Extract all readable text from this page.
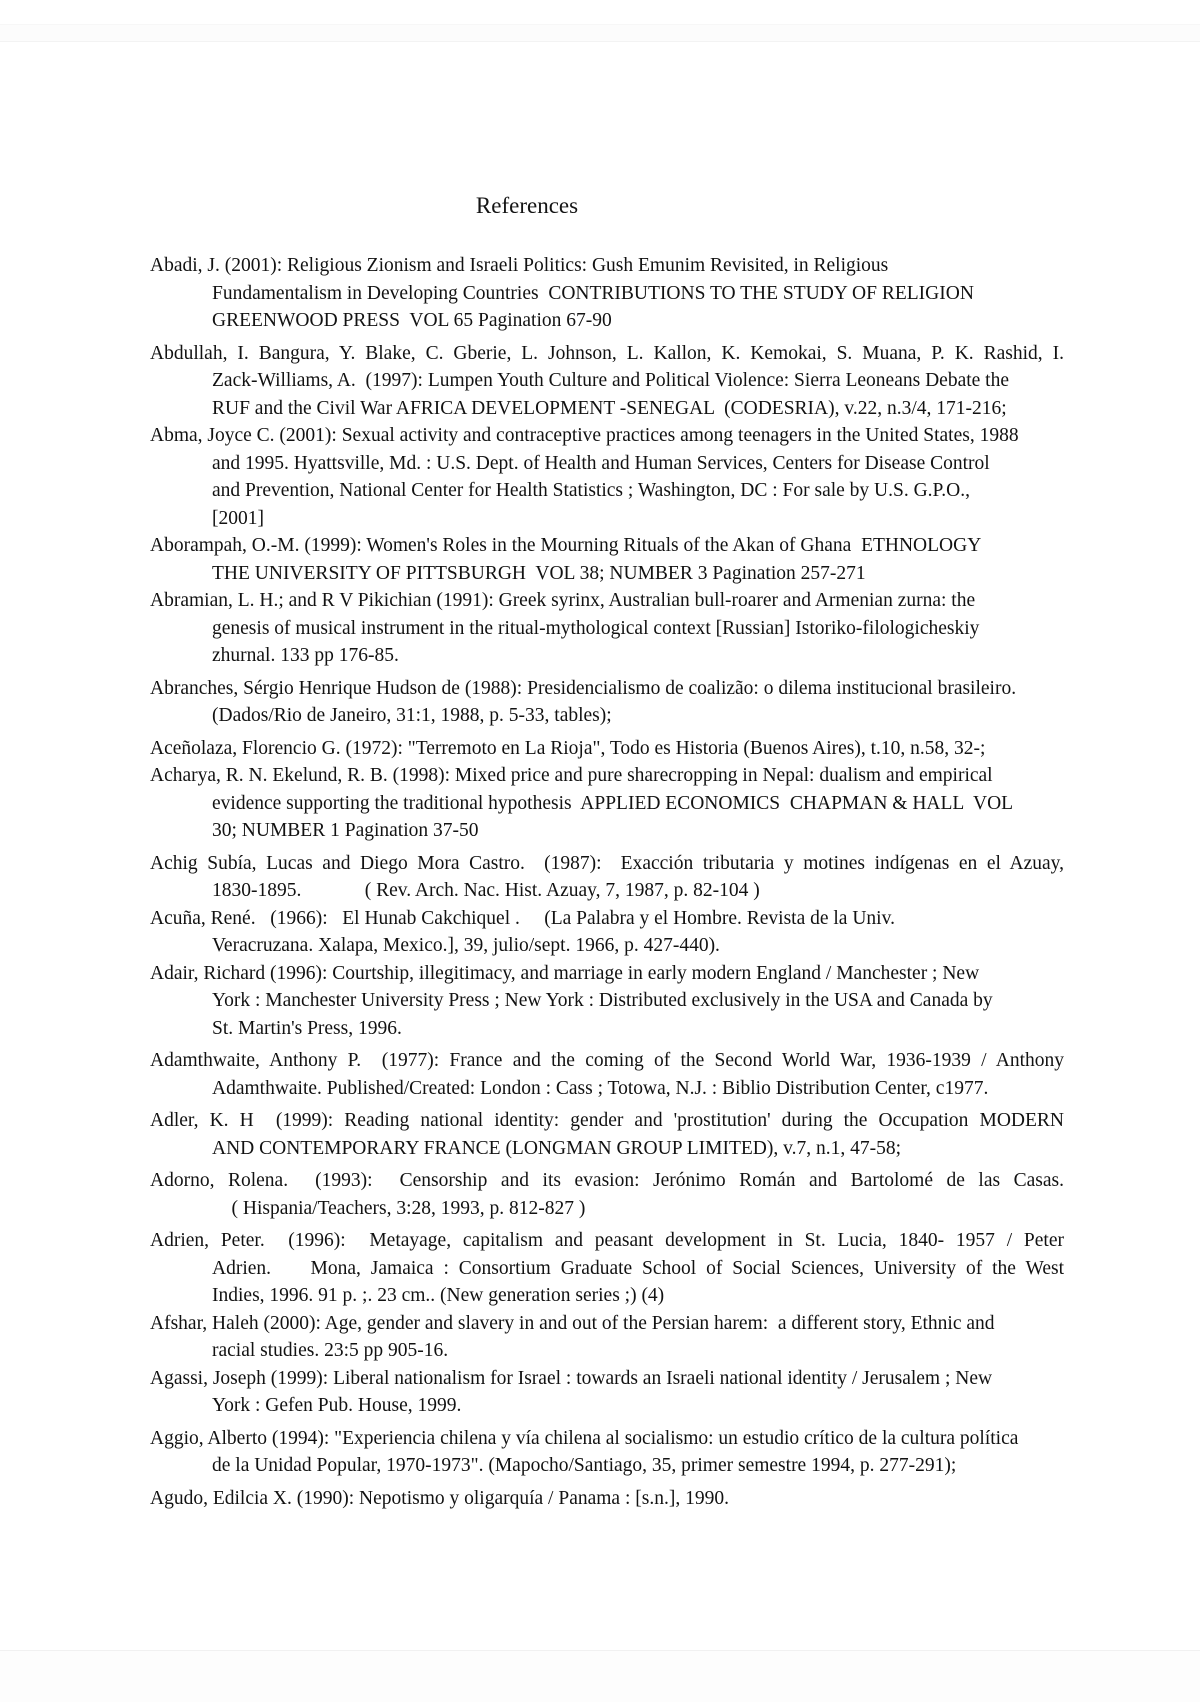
References
Abadi, J. (2001): Religious Zionism and Israeli Politics: Gush Emunim Revisited, in Religious
Fundamentalism in Developing Countries  CONTRIBUTIONS TO THE STUDY OF RELIGION
GREENWOOD PRESS  VOL 65 Pagination 67-90
Abdullah, I. Bangura, Y. Blake, C. Gberie, L. Johnson, L. Kallon, K. Kemokai, S. Muana, P. K. Rashid, I.
Zack-Williams, A.  (1997): Lumpen Youth Culture and Political Violence: Sierra Leoneans Debate the
RUF and the Civil War AFRICA DEVELOPMENT -SENEGAL  (CODESRIA), v.22, n.3/4, 171-216;
Abma, Joyce C. (2001): Sexual activity and contraceptive practices among teenagers in the United States, 1988
and 1995. Hyattsville, Md. : U.S. Dept. of Health and Human Services, Centers for Disease Control
and Prevention, National Center for Health Statistics ; Washington, DC : For sale by U.S. G.P.O.,
[2001]
Aborampah, O.-M. (1999): Women's Roles in the Mourning Rituals of the Akan of Ghana  ETHNOLOGY
THE UNIVERSITY OF PITTSBURGH  VOL 38; NUMBER 3 Pagination 257-271
Abramian, L. H.; and R V Pikichian (1991): Greek syrinx, Australian bull-roarer and Armenian zurna: the
genesis of musical instrument in the ritual-mythological context [Russian] Istoriko-filologicheskiy
zhurnal. 133 pp 176-85.
Abranches, Sérgio Henrique Hudson de (1988): Presidencialismo de coalizão: o dilema institucional brasileiro.
(Dados/Rio de Janeiro, 31:1, 1988, p. 5-33, tables);
Aceñolaza, Florencio G. (1972): "Terremoto en La Rioja", Todo es Historia (Buenos Aires), t.10, n.58, 32-;
Acharya, R. N. Ekelund, R. B. (1998): Mixed price and pure sharecropping in Nepal: dualism and empirical
evidence supporting the traditional hypothesis  APPLIED ECONOMICS  CHAPMAN & HALL  VOL
30; NUMBER 1 Pagination 37-50
Achig Subía, Lucas and Diego Mora Castro.  (1987):  Exacción tributaria y motines indígenas en el Azuay,
1830-1895.             ( Rev. Arch. Nac. Hist. Azuay, 7, 1987, p. 82-104 )
Acuña, René.   (1966):   El Hunab Cakchiquel .     (La Palabra y el Hombre. Revista de la Univ.
Veracruzana. Xalapa, Mexico.], 39, julio/sept. 1966, p. 427-440).
Adair, Richard (1996): Courtship, illegitimacy, and marriage in early modern England / Manchester ; New
York : Manchester University Press ; New York : Distributed exclusively in the USA and Canada by
St. Martin's Press, 1996.
Adamthwaite, Anthony P.  (1977): France and the coming of the Second World War, 1936-1939 / Anthony
Adamthwaite. Published/Created: London : Cass ; Totowa, N.J. : Biblio Distribution Center, c1977.
Adler, K. H  (1999): Reading national identity: gender and 'prostitution' during the Occupation MODERN
AND CONTEMPORARY FRANCE (LONGMAN GROUP LIMITED), v.7, n.1, 47-58;
Adorno, Rolena.  (1993):  Censorship and its evasion: Jerónimo Román and Bartolomé de las Casas.
( Hispania/Teachers, 3:28, 1993, p. 812-827 )
Adrien, Peter.  (1996):  Metayage, capitalism and peasant development in St. Lucia, 1840- 1957 / Peter
Adrien.    Mona, Jamaica : Consortium Graduate School of Social Sciences, University of the West
Indies, 1996. 91 p. ;. 23 cm.. (New generation series ;) (4)
Afshar, Haleh (2000): Age, gender and slavery in and out of the Persian harem:  a different story, Ethnic and
racial studies. 23:5 pp 905-16.
Agassi, Joseph (1999): Liberal nationalism for Israel : towards an Israeli national identity / Jerusalem ; New
York : Gefen Pub. House, 1999.
Aggio, Alberto (1994): "Experiencia chilena y vía chilena al socialismo: un estudio crítico de la cultura política
de la Unidad Popular, 1970-1973". (Mapocho/Santiago, 35, primer semestre 1994, p. 277-291);
Agudo, Edilcia X. (1990): Nepotismo y oligarquía / Panama : [s.n.], 1990.
